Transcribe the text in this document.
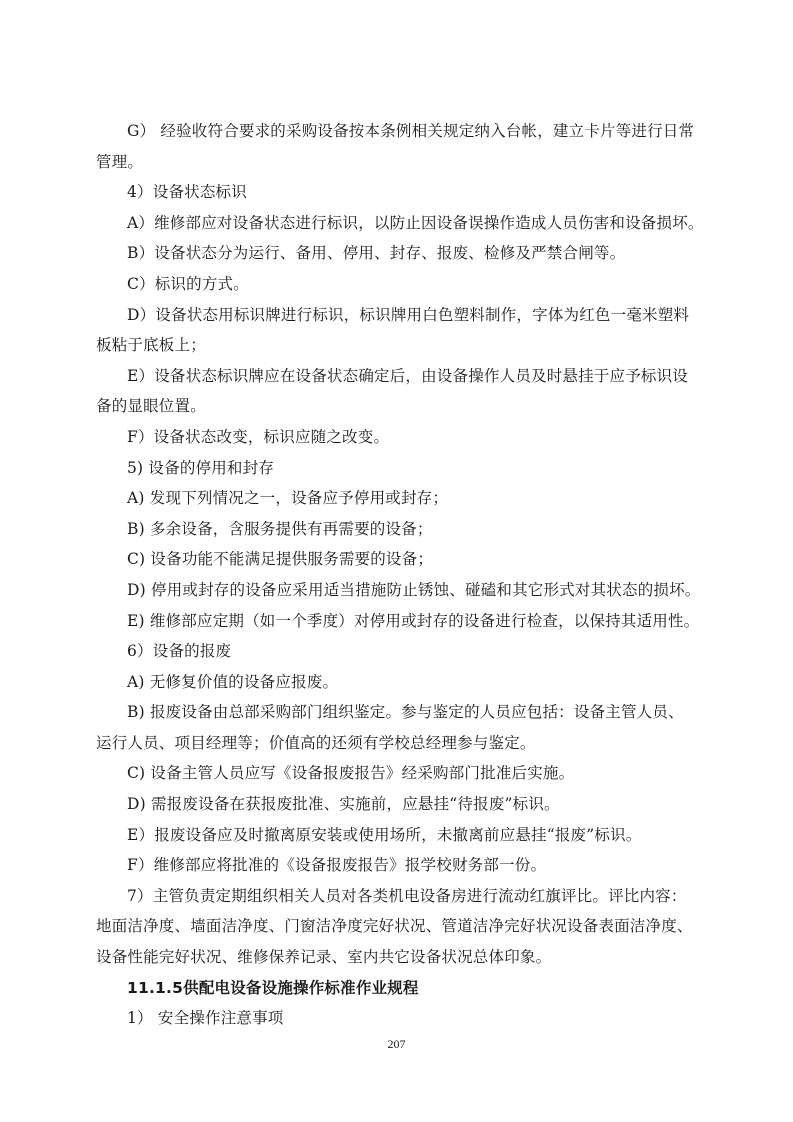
G） 经验收符合要求的采购设备按本条例相关规定纳入台帐，建立卡片等进行日常
管理。
4）设备状态标识
A）维修部应对设备状态进行标识，以防止因设备误操作造成人员伤害和设备损坏。
B）设备状态分为运行、备用、停用、封存、报废、检修及严禁合闸等。
C）标识的方式。
D）设备状态用标识牌进行标识，标识牌用白色塑料制作，字体为红色一毫米塑料
板粘于底板上；
E）设备状态标识牌应在设备状态确定后，由设备操作人员及时悬挂于应予标识设
备的显眼位置。
F）设备状态改变，标识应随之改变。
5) 设备的停用和封存
A) 发现下列情况之一，设备应予停用或封存；
B) 多余设备，含服务提供有再需要的设备；
C) 设备功能不能满足提供服务需要的设备；
D) 停用或封存的设备应采用适当措施防止锈蚀、碰磕和其它形式对其状态的损坏。
E) 维修部应定期（如一个季度）对停用或封存的设备进行检查，以保持其适用性。
6）设备的报废
A) 无修复价值的设备应报废。
B) 报废设备由总部采购部门组织鉴定。参与鉴定的人员应包括：设备主管人员、
运行人员、项目经理等；价值高的还须有学校总经理参与鉴定。
C) 设备主管人员应写《设备报废报告》经采购部门批准后实施。
D) 需报废设备在获报废批准、实施前，应悬挂“待报废”标识。
E）报废设备应及时撤离原安装或使用场所，未撤离前应悬挂“报废”标识。
F）维修部应将批准的《设备报废报告》报学校财务部一份。
7）主管负责定期组织相关人员对各类机电设备房进行流动红旗评比。评比内容：
地面洁净度、墙面洁净度、门窗洁净度完好状况、管道洁净完好状况设备表面洁净度、
设备性能完好状况、维修保养记录、室内共它设备状况总体印象。
11.1.5供配电设备设施操作标准作业规程
1） 安全操作注意事项
207
